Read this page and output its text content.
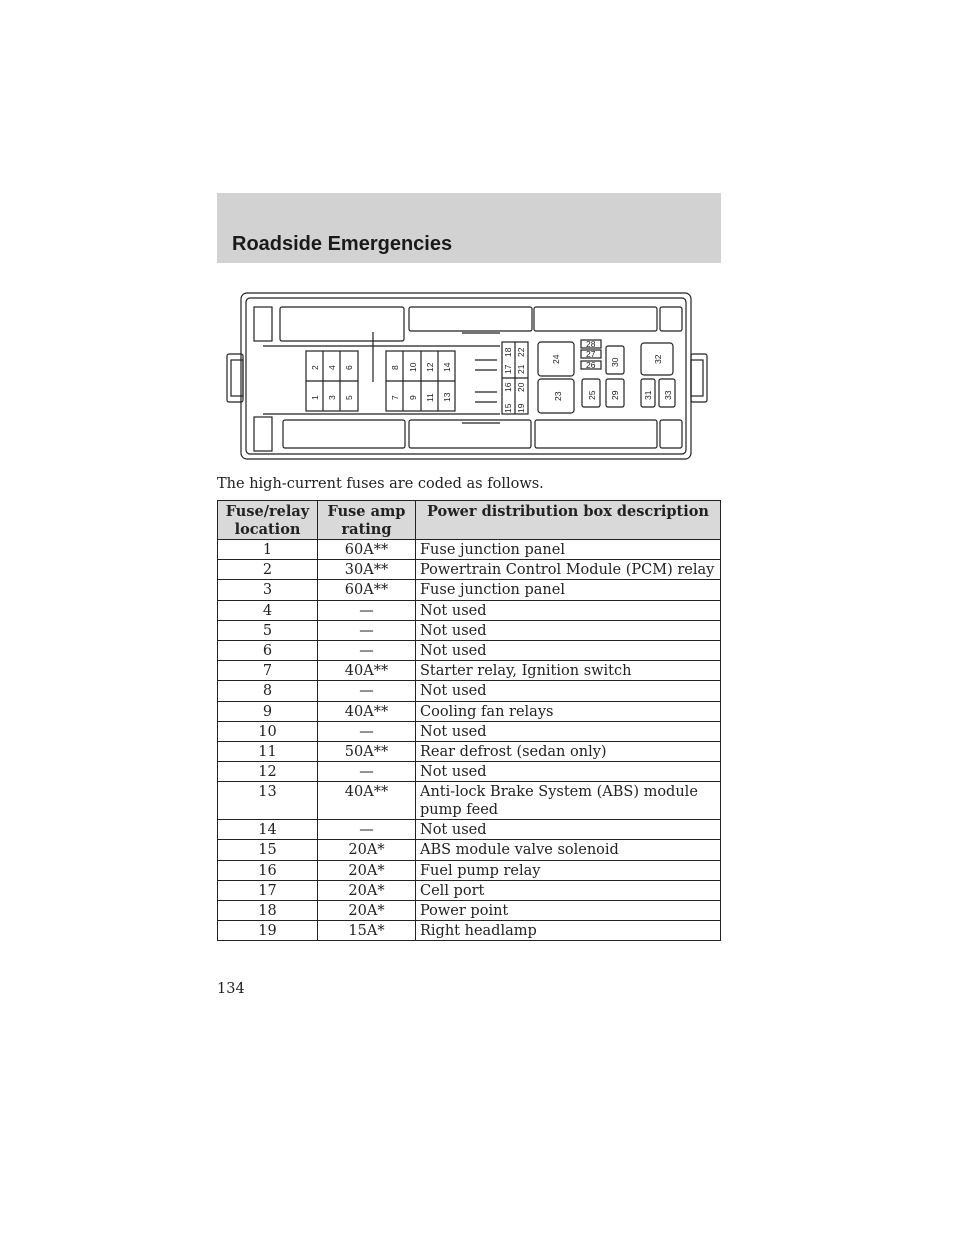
Roadside Emergencies
1
2
3
4
5
6
7
8
9
10
11
12
13
14
15
16
17
18
19
20
21
22
23
24
25
26
27
28
29
30
31
32
33
The high-current fuses are coded as follows.
Fuse/relay location	Fuse amp rating	Power distribution box description
1	60A**	Fuse junction panel
2	30A**	Powertrain Control Module (PCM) relay
3	60A**	Fuse junction panel
4	—	Not used
5	—	Not used
6	—	Not used
7	40A**	Starter relay, Ignition switch
8	—	Not used
9	40A**	Cooling fan relays
10	—	Not used
11	50A**	Rear defrost (sedan only)
12	—	Not used
13	40A**	Anti-lock Brake System (ABS) module pump feed
14	—	Not used
15	20A*	ABS module valve solenoid
16	20A*	Fuel pump relay
17	20A*	Cell port
18	20A*	Power point
19	15A*	Right headlamp
134
